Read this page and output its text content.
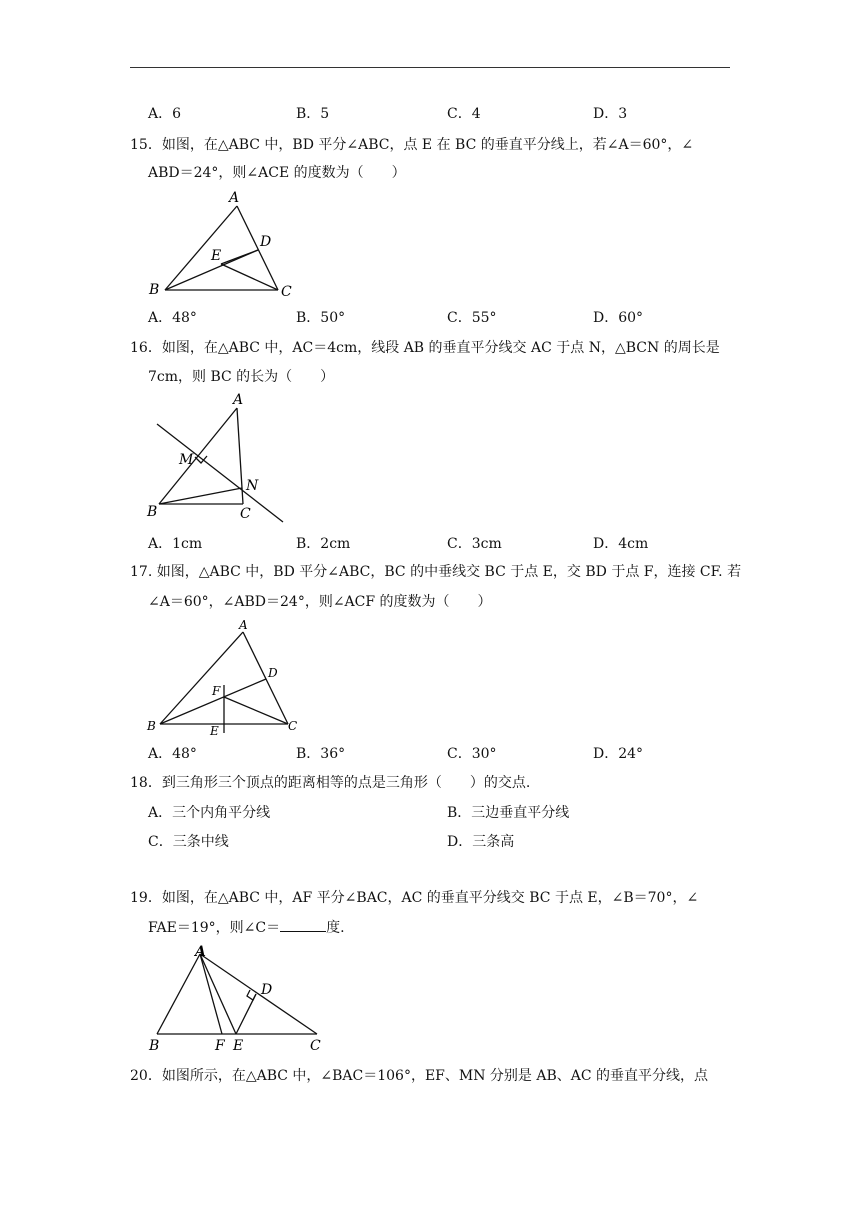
A．6	B．5	C．4	D．3
15．如图，在△ABC 中，BD 平分∠ABC，点 E 在 BC 的垂直平分线上，若∠A＝60°，∠
ABD＝24°，则∠ACE 的度数为（　　）
A
B	C
D
E
A．48°	B．50°	C．55°	D．60°
16．如图，在△ABC 中，AC＝4cm，线段 AB 的垂直平分线交 AC 于点 N，△BCN 的周长是
7cm，则 BC 的长为（　　）
A
B	C
M
N
A．1cm	B．2cm	C．3cm	D．4cm
17. 如图，△ABC 中，BD 平分∠ABC，BC 的中垂线交 BC 于点 E，交 BD 于点 F，连接 CF. 若
∠A＝60°，∠ABD＝24°，则∠ACF 的度数为（　　）
A
B	C
D
E
F
A．48°	B．36°	C．30°	D．24°
18．到三角形三个顶点的距离相等的点是三角形（　　）的交点.
A．三个内角平分线	B．三边垂直平分线
C．三条中线	D．三条高
19．如图，在△ABC 中，AF 平分∠BAC，AC 的垂直平分线交 BC 于点 E，∠B＝70°，∠
FAE＝19°，则∠C＝	度.
A
B	C
D
E
F
20．如图所示，在△ABC 中，∠BAC＝106°，EF、MN 分别是 AB、AC 的垂直平分线，点
